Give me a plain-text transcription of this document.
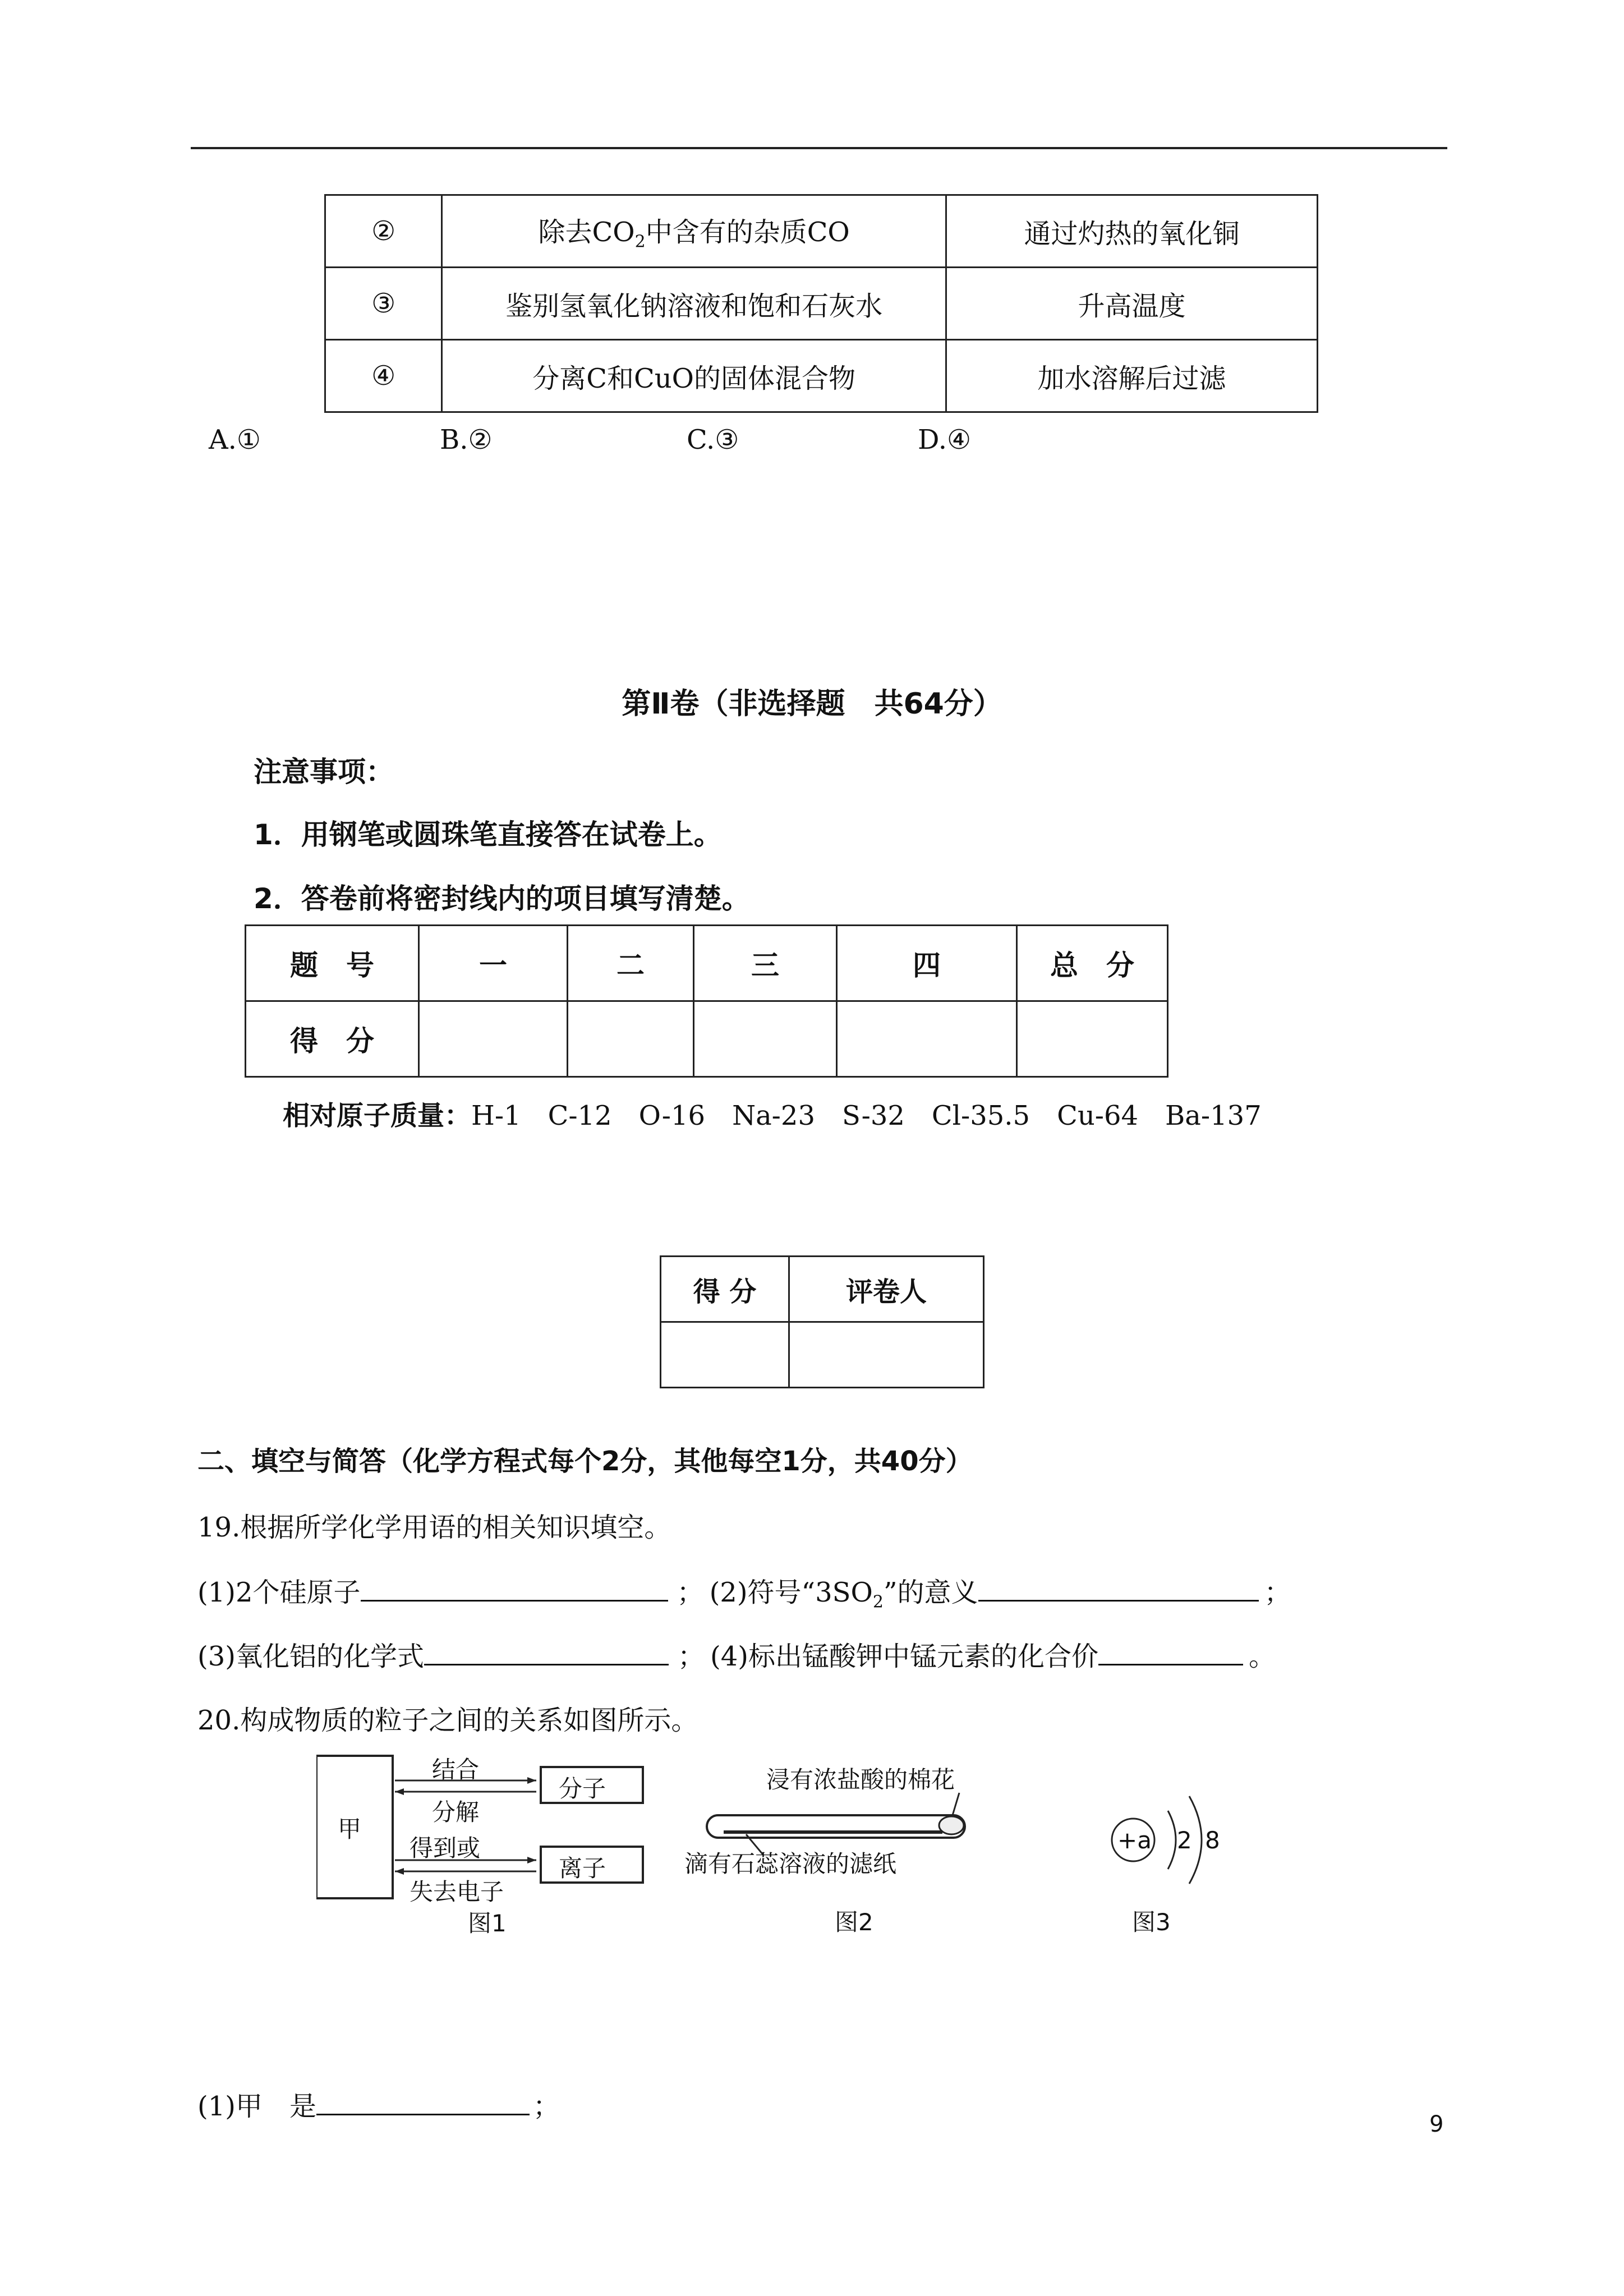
②	除去$CO_2$中含有的杂质CO	通过灼热的氧化铜
③	鉴别氢氧化钠溶液和饱和石灰水	升高温度
④	分离C和CuO的固体混合物	加水溶解后过滤
A.①	B.②	C.③	D.④
第Ⅱ卷（非选择题　共64分）
注意事项：
1．用钢笔或圆珠笔直接答在试卷上。
2．答卷前将密封线内的项目填写清楚。
题　号	一	二	三	四	总　分
得　分					
相对原子质量：H-1　C-12　O-16　Na-23　S-32　Cl-35.5　Cu-64　Ba-137
得 分	评卷人

二、填空与简答（化学方程式每个2分，其他每空1分，共40分）
19.根据所学化学用语的相关知识填空。
(1)2个硅原子	； (2)符号“$3SO_2$”的意义	；
(3)氧化铝的化学式	； (4)标出锰酸钾中锰元素的化合价	。
20.构成物质的粒子之间的关系如图所示。
甲
结合
分解
分子
得到或
失去电子
离子
图1
浸有浓盐酸的棉花
滴有石蕊溶液的滤纸
图2
+a 2 8
图3
(1)甲　是	；
9
